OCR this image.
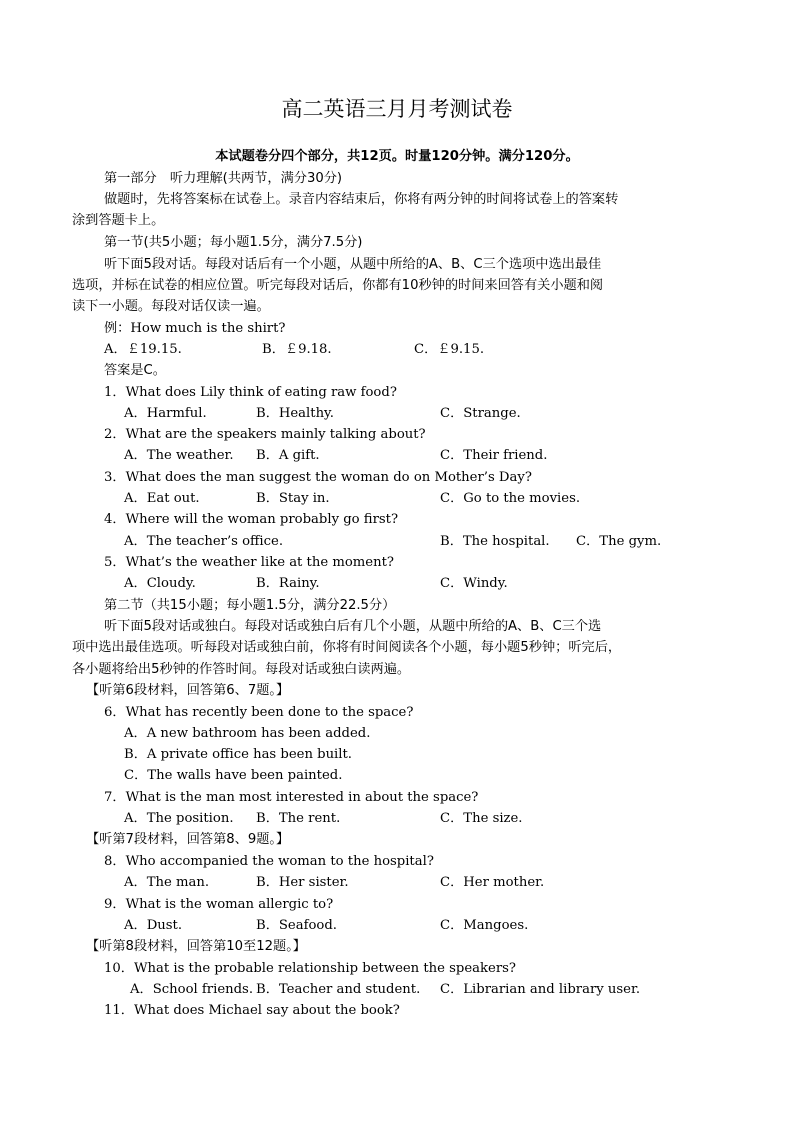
高二英语三月月考测试卷
本试题卷分四个部分，共12页。时量120分钟。满分120分。
第一部分　听力理解(共两节，满分30分)
做题时，先将答案标在试卷上。录音内容结束后，你将有两分钟的时间将试卷上的答案转
涂到答题卡上。
第一节(共5小题；每小题1.5分，满分7.5分)
听下面5段对话。每段对话后有一个小题，从题中所给的A、B、C三个选项中选出最佳
选项，并标在试卷的相应位置。听完每段对话后，你都有10秒钟的时间来回答有关小题和阅
读下一小题。每段对话仅读一遍。
例：How much is the shirt?
A．￡19.15.	B．￡9.18.	C．￡9.15.
答案是C。
1．What does Lily think of eating raw food?
A．Harmful.	B．Healthy.	C．Strange.
2．What are the speakers mainly talking about?
A．The weather. B．A gift.	C．Their friend.
3．What does the man suggest the woman do on Mother’s Day?
A．Eat out.	B．Stay in.	C．Go to the movies.
4．Where will the woman probably go first?
A．The teacher’s office.	B．The hospital. C．The gym.
5．What’s the weather like at the moment?
A．Cloudy.	B．Rainy.	C．Windy.
第二节（共15小题；每小题1.5分，满分22.5分）
听下面5段对话或独白。每段对话或独白后有几个小题，从题中所给的A、B、C三个选
项中选出最佳选项。听每段对话或独白前，你将有时间阅读各个小题，每小题5秒钟；听完后，
各小题将给出5秒钟的作答时间。每段对话或独白读两遍。
【听第6段材料，回答第6、7题。】
6．What has recently been done to the space?
A．A new bathroom has been added.
B．A private office has been built.
C．The walls have been painted.
7．What is the man most interested in about the space?
A．The position. B．The rent.	C．The size.
【听第7段材料，回答第8、9题。】
8．Who accompanied the woman to the hospital?
A．The man.	B．Her sister.	C．Her mother.
9．What is the woman allergic to?
A．Dust.	B．Seafood.	C．Mangoes.
【听第8段材料，回答第10至12题。】
10．What is the probable relationship between the speakers?
A．School friends. B．Teacher and student. C．Librarian and library user.
11．What does Michael say about the book?
